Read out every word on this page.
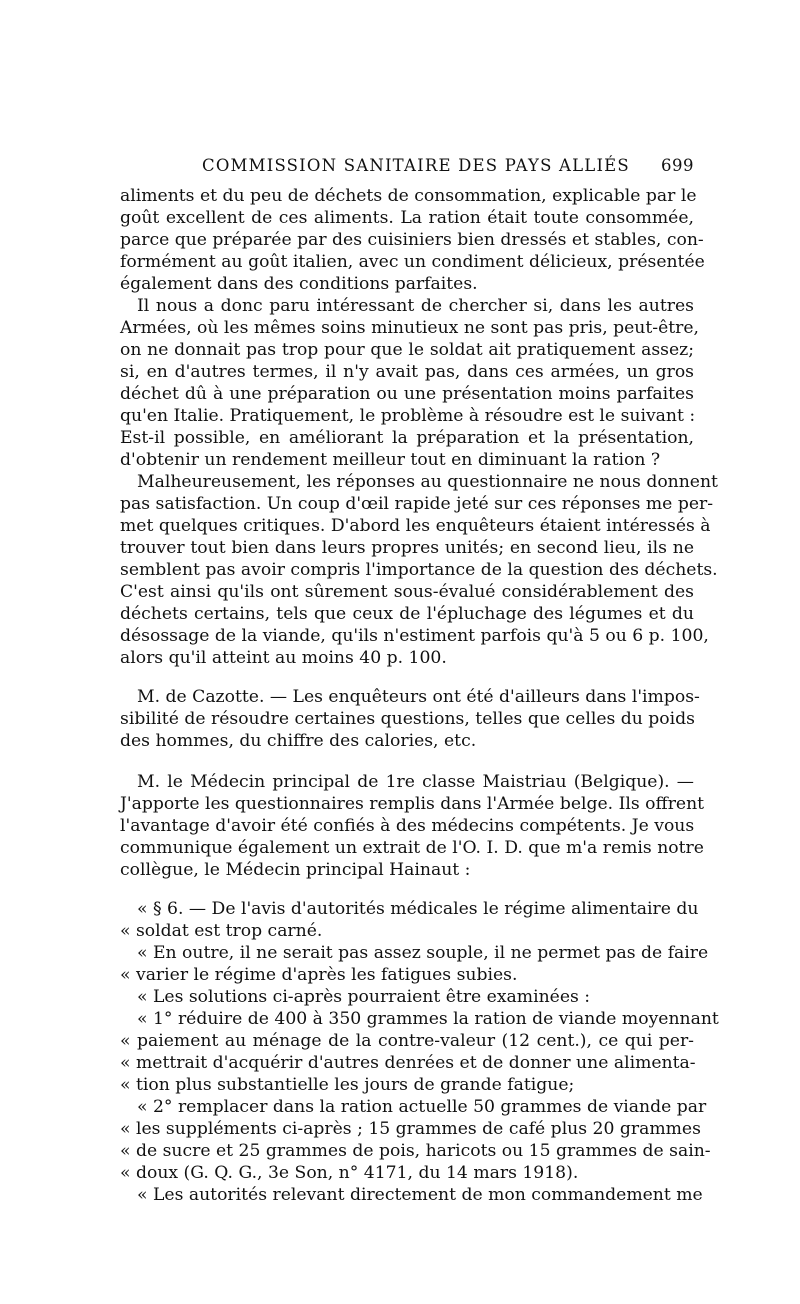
COMMISSION SANITAIRE DES PAYS ALLIÉS 699
aliments et du peu de déchets de consommation, explicable par le
goût excellent de ces aliments. La ration était toute consommée,
parce que préparée par des cuisiniers bien dressés et stables, con-
formément au goût italien, avec un condiment délicieux, présentée
également dans des conditions parfaites.
Il nous a donc paru intéressant de chercher si, dans les autres
Armées, où les mêmes soins minutieux ne sont pas pris, peut-être,
on ne donnait pas trop pour que le soldat ait pratiquement assez;
si, en d'autres termes, il n'y avait pas, dans ces armées, un gros
déchet dû à une préparation ou une présentation moins parfaites
qu'en Italie. Pratiquement, le problème à résoudre est le suivant :
Est-il possible, en améliorant la préparation et la présentation,
d'obtenir un rendement meilleur tout en diminuant la ration ?
Malheureusement, les réponses au questionnaire ne nous donnent
pas satisfaction. Un coup d'œil rapide jeté sur ces réponses me per-
met quelques critiques. D'abord les enquêteurs étaient intéressés à
trouver tout bien dans leurs propres unités; en second lieu, ils ne
semblent pas avoir compris l'importance de la question des déchets.
C'est ainsi qu'ils ont sûrement sous-évalué considérablement des
déchets certains, tels que ceux de l'épluchage des légumes et du
désossage de la viande, qu'ils n'estiment parfois qu'à 5 ou 6 p. 100,
alors qu'il atteint au moins 40 p. 100.
M. de Cazotte. — Les enquêteurs ont été d'ailleurs dans l'impos-
sibilité de résoudre certaines questions, telles que celles du poids
des hommes, du chiffre des calories, etc.
M. le Médecin principal de 1re classe Maistriau (Belgique). —
J'apporte les questionnaires remplis dans l'Armée belge. Ils offrent
l'avantage d'avoir été confiés à des médecins compétents. Je vous
communique également un extrait de l'O. I. D. que m'a remis notre
collègue, le Médecin principal Hainaut :
« § 6. — De l'avis d'autorités médicales le régime alimentaire du
« soldat est trop carné.
« En outre, il ne serait pas assez souple, il ne permet pas de faire
« varier le régime d'après les fatigues subies.
« Les solutions ci-après pourraient être examinées :
« 1° réduire de 400 à 350 grammes la ration de viande moyennant
« paiement au ménage de la contre-valeur (12 cent.), ce qui per-
« mettrait d'acquérir d'autres denrées et de donner une alimenta-
« tion plus substantielle les jours de grande fatigue;
« 2° remplacer dans la ration actuelle 50 grammes de viande par
« les suppléments ci-après ; 15 grammes de café plus 20 grammes
« de sucre et 25 grammes de pois, haricots ou 15 grammes de sain-
« doux (G. Q. G., 3e Son, n° 4171, du 14 mars 1918).
« Les autorités relevant directement de mon commandement me
